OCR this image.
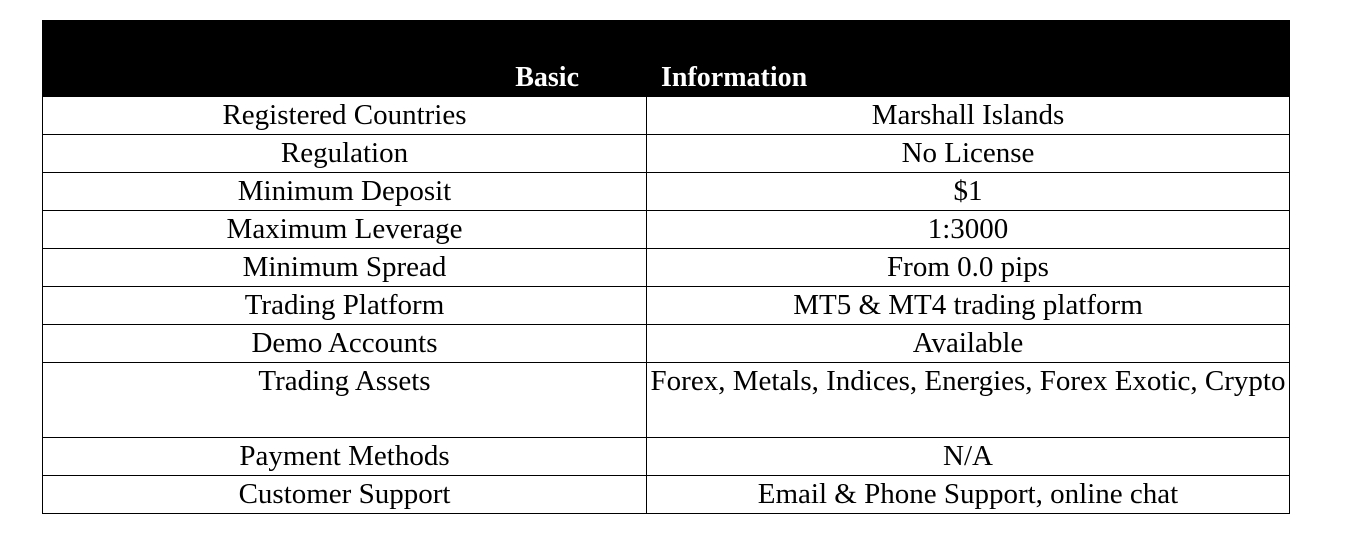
Basic	Information
Registered Countries	Marshall Islands
Regulation	No License
Minimum Deposit	$1
Maximum Leverage	1:3000
Minimum Spread	From 0.0 pips
Trading Platform	MT5 & MT4 trading platform
Demo Accounts	Available
Trading Assets	Forex, Metals, Indices, Energies, Forex Exotic, Crypto
Payment Methods	N/A
Customer Support	Email & Phone Support, online chat
